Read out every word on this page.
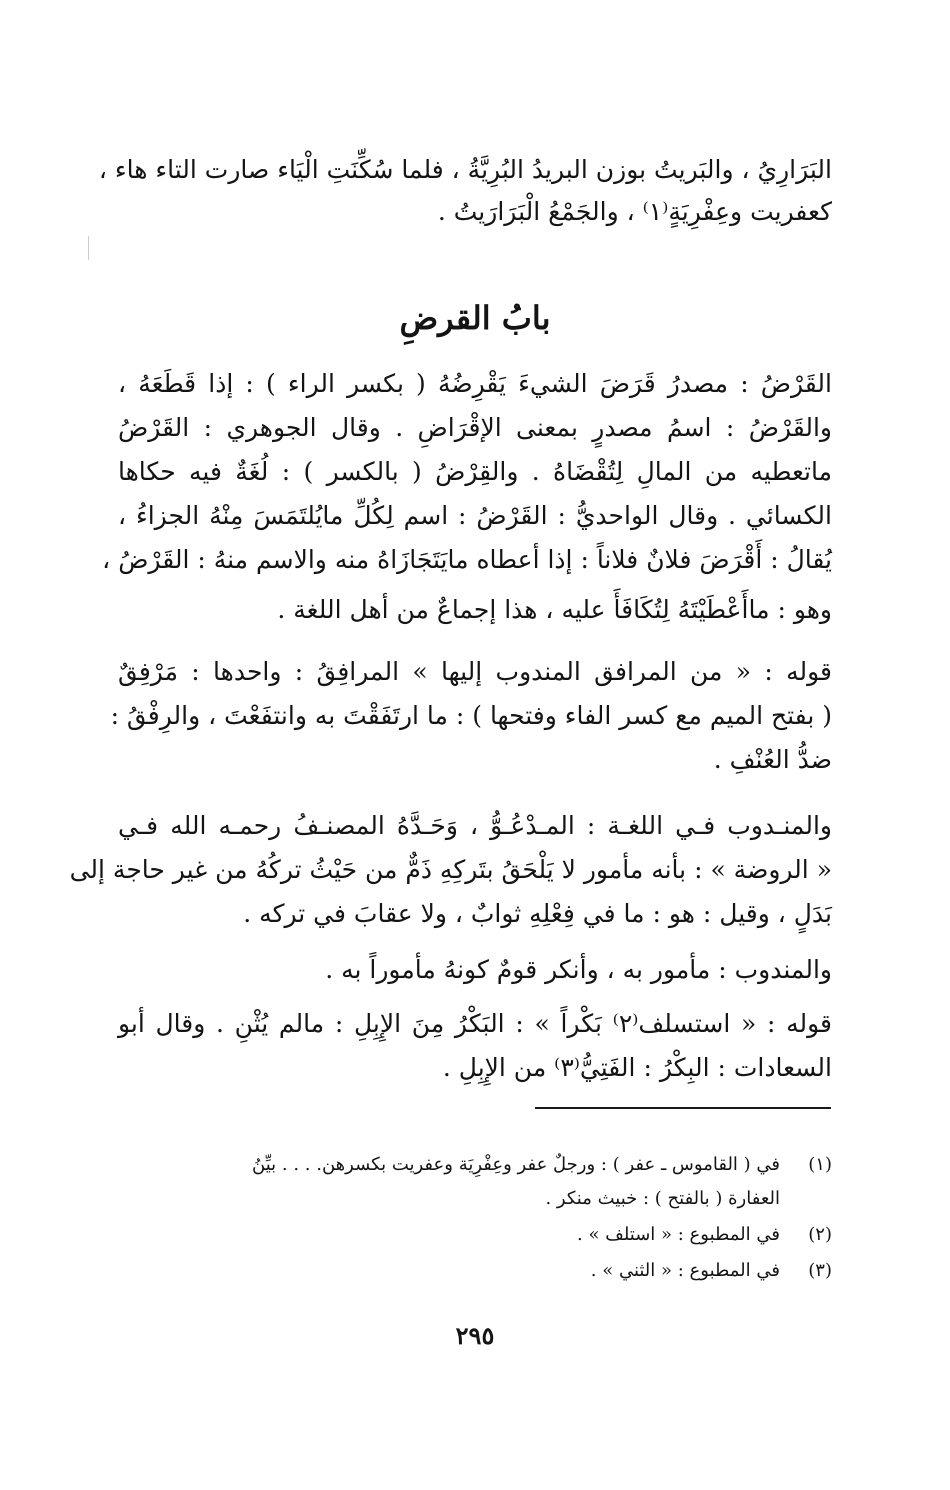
البَرَارِيُ ، والبَريتُ بوزن البريدُ البُرِيَّةُ ، فلما سُكِّنَتِ الْيَاء صارت التاء هاء ،
كعفريت وعِفْرِيَةٍ⁽١⁾ ، والجَمْعُ الْبَرَارَيتُ .
بابُ القرضِ
القَرْضُ : مصدرُ قَرَضَ الشيءَ يَقْرِضُهُ ( بكسر الراء ) : إذا قَطَعَهُ ،
والقَرْضُ : اسمُ مصدرٍ بمعنى الإقْرَاضِ . وقال الجوهري : القَرْضُ
ماتعطيه من المالِ لِتُقْضَاهُ . والقِرْضُ ( بالكسر ) : لُغَةٌ فيه حكاها
الكسائي . وقال الواحديُّ : القَرْضُ : اسم لِكُلِّ مايُلتَمَسَ مِنْهُ الجزاءُ ،
يُقالُ : أَقْرَضَ فلانٌ فلاناً : إذا أعطاه مايَتَجَازَاهُ منه والاسم منهُ : القَرْضُ ،
وهو : ماأَعْطَيْتَهُ لِتُكَافَأَ عليه ، هذا إجماعٌ من أهل اللغة .
قوله : « من المرافق المندوب إليها » المرافِقُ : واحدها : مَرْفِقٌ
( بفتح الميم مع كسر الفاء وفتحها ) : ما ارتَفَقْتَ به وانتفَعْتَ ، والرِفْقُ :
ضدُّ العُنْفِ .
والمنـدوب فـي اللغـة : المـدْعُـوُّ ، وَحَـدَّهُ المصنـفُ رحمـه الله فـي
« الروضة » : بأنه مأمور لا يَلْحَقُ بتَركِهِ ذَمٌّ من حَيْثُ تركُهُ من غير حاجة إلى
بَدَلٍ ، وقيل : هو : ما في فِعْلِهِ ثوابٌ ، ولا عقابَ في تركه .
والمندوب : مأمور به ، وأنكر قومٌ كونهُ مأموراً به .
قوله : « استسلف⁽٢⁾ بَكْراً » : البَكْرُ مِنَ الإِبِلِ : مالم يُثْنِ . وقال أبو
السعادات : البِكْرُ : الفَتِيُّ⁽٣⁾ من الإِبِلِ .
(١)في ( القاموس ـ عفر ) : ورجلٌ عفر وعِفْرِيَة وعفريت بكسرهن. . . . بيِّنُ
العفارة ( بالفتح ) : خبيث منكر .
(٢)في المطبوع : « استلف » .
(٣)في المطبوع : « الثني » .
٢٩٥
